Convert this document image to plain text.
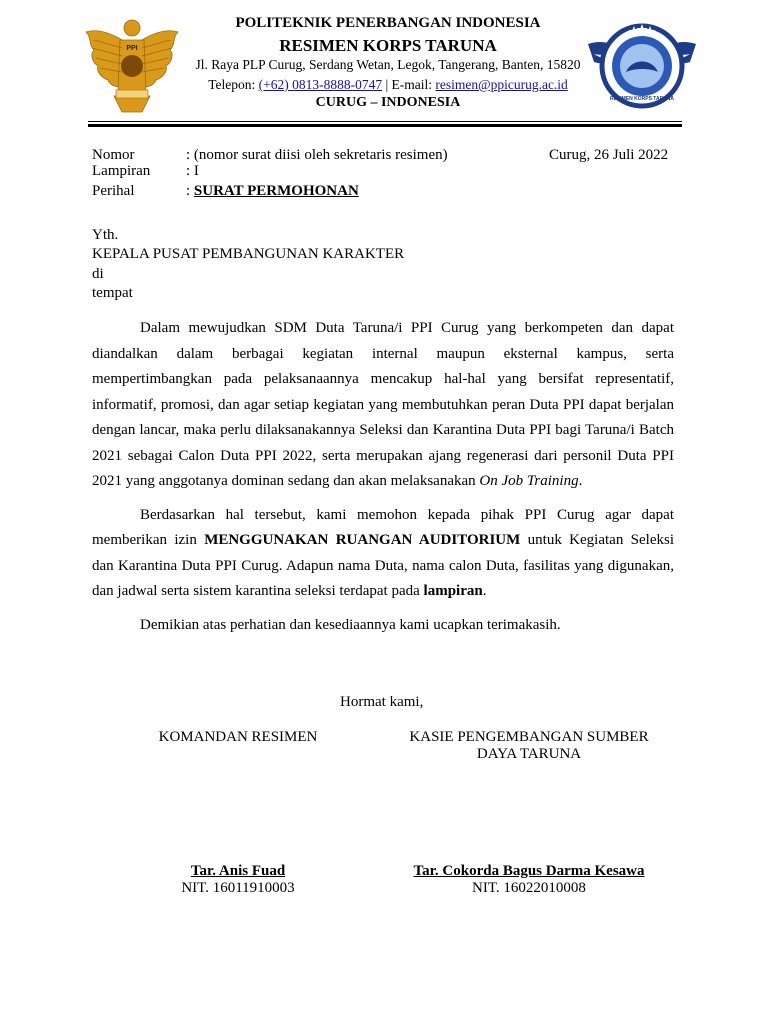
PPI
RESIMEN KORPS TARUNA
POLITEKNIK PENERBANGAN INDONESIA
RESIMEN KORPS TARUNA
Jl. Raya PLP Curug, Serdang Wetan, Legok, Tangerang, Banten, 15820
Telepon: (+62) 0813-8888-0747 | E-mail: resimen@ppicurug.ac.id
CURUG – INDONESIA
Nomor	: (nomor surat diisi oleh sekretaris resimen)	Curug, 26 Juli 2022
Lampiran : I
Perihal	: SURAT PERMOHONAN
Yth.
KEPALA PUSAT PEMBANGUNAN KARAKTER
di
tempat

Dalam mewujudkan SDM Duta Taruna/i PPI Curug yang berkompeten dan dapat diandalkan dalam berbagai kegiatan internal maupun eksternal kampus, serta mempertimbangkan pada pelaksanaannya mencakup hal-hal yang bersifat representatif, informatif, promosi, dan agar setiap kegiatan yang membutuhkan peran Duta PPI dapat berjalan dengan lancar, maka perlu dilaksanakannya Seleksi dan Karantina Duta PPI bagi Taruna/i Batch 2021 sebagai Calon Duta PPI 2022, serta merupakan ajang regenerasi dari personil Duta PPI 2021 yang anggotanya dominan sedang dan akan melaksanakan On Job Training.

Berdasarkan hal tersebut, kami memohon kepada pihak PPI Curug agar dapat memberikan izin MENGGUNAKAN RUANGAN AUDITORIUM untuk Kegiatan Seleksi dan Karantina Duta PPI Curug. Adapun nama Duta, nama calon Duta, fasilitas yang digunakan, dan jadwal serta sistem karantina seleksi terdapat pada lampiran.

Demikian atas perhatian dan kesediaannya kami ucapkan terimakasih.

Hormat kami,
KOMANDAN RESIMEN	KASIE PENGEMBANGAN SUMBER
DAYA TARUNA
Tar. Anis Fuad
NIT. 16011910003
Tar. Cokorda Bagus Darma Kesawa
NIT. 16022010008
